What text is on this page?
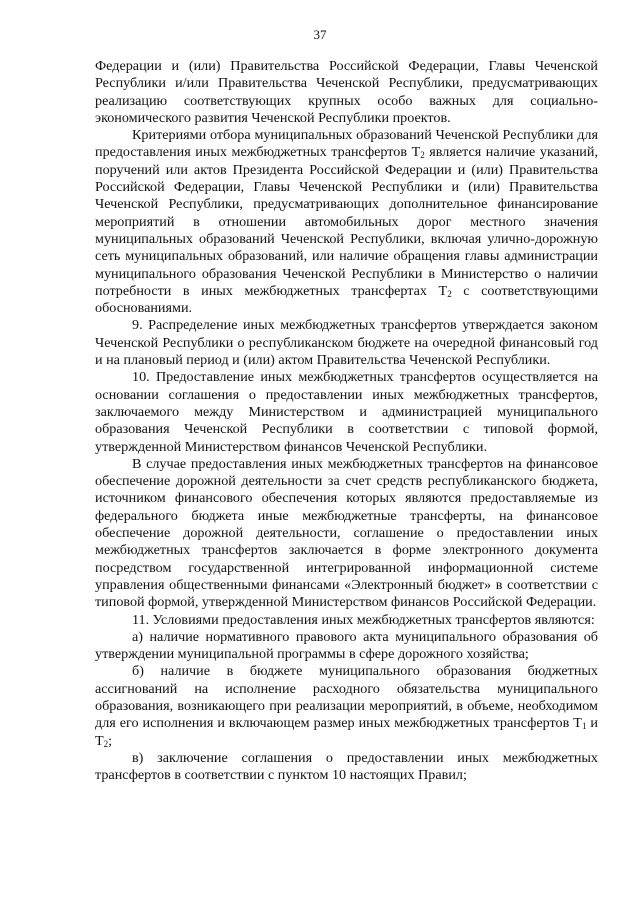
37

Федерации и (или) Правительства Российской Федерации, Главы Чеченской Республики и/или Правительства Чеченской Республики, предусматривающих реализацию соответствующих крупных особо важных для социально-экономического развития Чеченской Республики проектов.

Критериями отбора муниципальных образований Чеченской Республики для предоставления иных межбюджетных трансфертов $Т_2$ является наличие указаний, поручений или актов Президента Российской Федерации и (или) Правительства Российской Федерации, Главы Чеченской Республики и (или) Правительства Чеченской Республики, предусматривающих дополнительное финансирование мероприятий в отношении автомобильных дорог местного значения муниципальных образований Чеченской Республики, включая улично-дорожную сеть муниципальных образований, или наличие обращения главы администрации муниципального образования Чеченской Республики в Министерство о наличии потребности в иных межбюджетных трансфертах $Т_2$ с соответствующими обоснованиями.

9. Распределение иных межбюджетных трансфертов утверждается законом Чеченской Республики о республиканском бюджете на очередной финансовый год и на плановый период и (или) актом Правительства Чеченской Республики.

10. Предоставление иных межбюджетных трансфертов осуществляется на основании соглашения о предоставлении иных межбюджетных трансфертов, заключаемого между Министерством и администрацией муниципального образования Чеченской Республики в соответствии с типовой формой, утвержденной Министерством финансов Чеченской Республики.

В случае предоставления иных межбюджетных трансфертов на финансовое обеспечение дорожной деятельности за счет средств республиканского бюджета, источником финансового обеспечения которых являются предоставляемые из федерального бюджета иные межбюджетные трансферты, на финансовое обеспечение дорожной деятельности, соглашение о предоставлении иных межбюджетных трансфертов заключается в форме электронного документа посредством государственной интегрированной информационной системе управления общественными финансами «Электронный бюджет» в соответствии с типовой формой, утвержденной Министерством финансов Российской Федерации.

11. Условиями предоставления иных межбюджетных трансфертов являются:

а) наличие нормативного правового акта муниципального образования об утверждении муниципальной программы в сфере дорожного хозяйства;

б) наличие в бюджете муниципального образования бюджетных ассигнований на исполнение расходного обязательства муниципального образования, возникающего при реализации мероприятий, в объеме, необходимом для его исполнения и включающем размер иных межбюджетных трансфертов $Т_1$ и $Т_2$;

в) заключение соглашения о предоставлении иных межбюджетных трансфертов в соответствии с пунктом 10 настоящих Правил;
